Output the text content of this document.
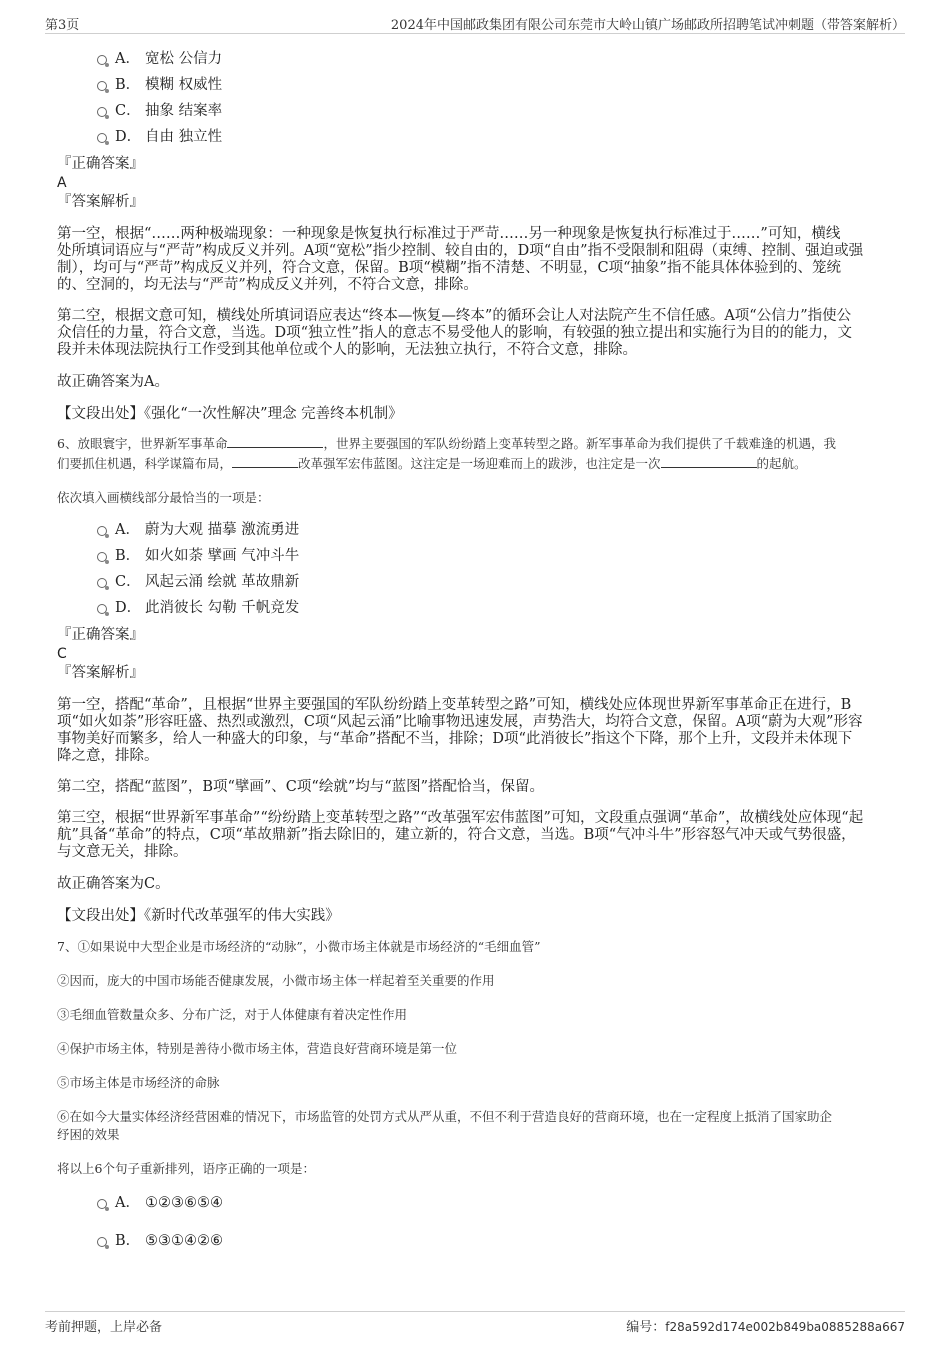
第3页	2024年中国邮政集团有限公司东莞市大岭山镇广场邮政所招聘笔试冲刺题（带答案解析）
A． 宽松 公信力
B． 模糊 权威性
C． 抽象 结案率
D． 自由 独立性
『正确答案』
A
『答案解析』

第一空，根据“……两种极端现象：一种现象是恢复执行标准过于严苛……另一种现象是恢复执行标准过于……”可知，横线

处所填词语应与“严苛”构成反义并列。A项“宽松”指少控制、较自由的，D项“自由”指不受限制和阻碍（束缚、控制、强迫或强

制），均可与“严苛”构成反义并列，符合文意，保留。B项“模糊”指不清楚、不明显，C项“抽象”指不能具体体验到的、笼统

的、空洞的，均无法与“严苛”构成反义并列，不符合文意，排除。

第二空，根据文意可知，横线处所填词语应表达“终本—恢复—终本”的循环会让人对法院产生不信任感。A项“公信力”指使公

众信任的力量，符合文意，当选。D项“独立性”指人的意志不易受他人的影响，有较强的独立提出和实施行为目的的能力，文

段并未体现法院执行工作受到其他单位或个人的影响，无法独立执行，不符合文意，排除。

故正确答案为A。
【文段出处】《强化“一次性解决”理念 完善终本机制》
6、放眼寰宇，世界新军事革命	，世界主要强国的军队纷纷踏上变革转型之路。新军事革命为我们提供了千载难逢的机遇，我
们要抓住机遇，科学谋篇布局，	改革强军宏伟蓝图。这注定是一场迎难而上的跋涉，也注定是一次	的起航。
依次填入画横线部分最恰当的一项是：
A． 蔚为大观 描摹 激流勇进
B． 如火如荼 擘画 气冲斗牛
C． 风起云涌 绘就 革故鼎新
D． 此消彼长 勾勒 千帆竞发
『正确答案』
C
『答案解析』

第一空，搭配“革命”，且根据“世界主要强国的军队纷纷踏上变革转型之路”可知，横线处应体现世界新军事革命正在进行，B

项“如火如荼”形容旺盛、热烈或激烈，C项“风起云涌”比喻事物迅速发展，声势浩大，均符合文意，保留。A项“蔚为大观”形容

事物美好而繁多，给人一种盛大的印象，与“革命”搭配不当，排除；D项“此消彼长”指这个下降，那个上升，文段并未体现下

降之意，排除。

第二空，搭配“蓝图”，B项“擘画”、C项“绘就”均与“蓝图”搭配恰当，保留。

第三空，根据“世界新军事革命”“纷纷踏上变革转型之路”“改革强军宏伟蓝图”可知，文段重点强调“革命”，故横线处应体现“起

航”具备“革命”的特点，C项“革故鼎新”指去除旧的，建立新的，符合文意，当选。B项“气冲斗牛”形容怒气冲天或气势很盛，

与文意无关，排除。

故正确答案为C。
【文段出处】《新时代改革强军的伟大实践》
7、①如果说中大型企业是市场经济的“动脉”，小微市场主体就是市场经济的“毛细血管”
②因而，庞大的中国市场能否健康发展，小微市场主体一样起着至关重要的作用
③毛细血管数量众多、分布广泛，对于人体健康有着决定性作用
④保护市场主体，特别是善待小微市场主体，营造良好营商环境是第一位
⑤市场主体是市场经济的命脉
⑥在如今大量实体经济经营困难的情况下，市场监管的处罚方式从严从重，不但不利于营造良好的营商环境，也在一定程度上抵消了国家助企
纾困的效果
将以上6个句子重新排列，语序正确的一项是：
A． ①②③⑥⑤④
B． ⑤③①④②⑥
考前押题，上岸必备	编号：f28a592d174e002b849ba0885288a667
